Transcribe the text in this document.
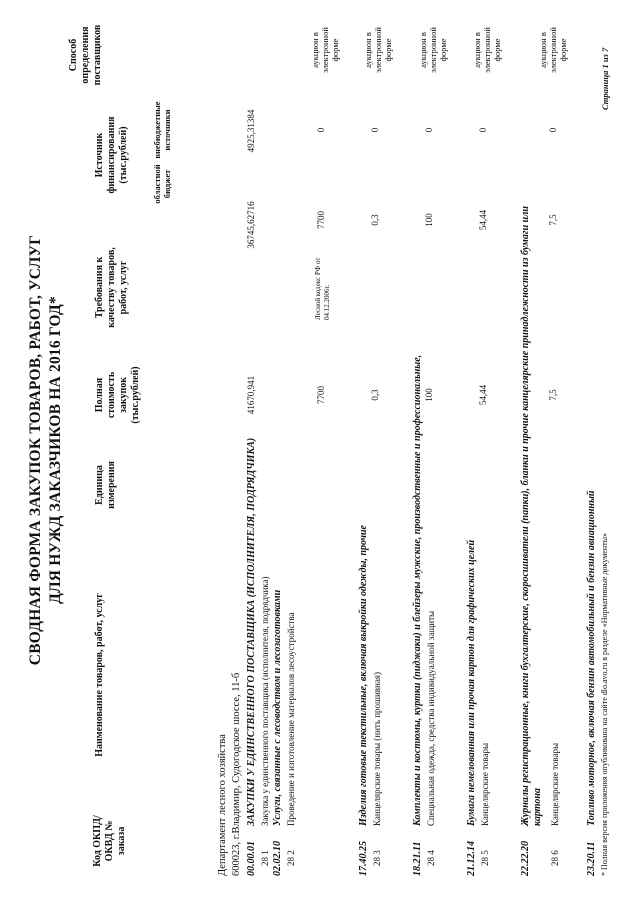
СВОДНАЯ ФОРМА ЗАКУПОК ТОВАРОВ, РАБОТ, УСЛУГ ДЛЯ НУЖД ЗАКАЗЧИКОВ НА 2016 ГОД*
Код ОКПД/ ОКВД № заказа
Наименование товаров, работ, услуг
Единица измерения
Полная стоимость закупок (тыс.рублей)
Требования к качеству товаров, работ, услуг
Источник финансирования (тыс.рублей)
областной бюджет
внебюджетные источники
Способ определения поставщиков
Департамент лесного хозяйства 600023, г.Владимир, Судогодское шоссе, 11-б 00.00.01ЗАКУПКИ У ЕДИНСТВЕННОГО ПОСТАВЩИКА (ИСПОЛНИТЕЛЯ, ПОДРЯДЧИКА)
41670,941
36745,62716
4925,31384
28 1
Закупка у единственного поставщика (исполнителя, подрядчика)
02.02.10Услуги, связанные с лесоводством и лесозаготовками
28 2
Проведение и изготовление материалов лесоустройства
7700
Лесной кодекс РФ от 04.12.2006г.
7700
0
аукцион в электронной форме
17.40.25Изделия готовые текстильные, включая выкройки одежды, прочие
28 3
Канцелярские товары (нить прошивная)
0,3
0,3
0
аукцион в электронной форме
18.21.11Комплекты и костюмы, куртки (пиджаки) и блейзеры мужские, производственные и профессиональные,
28 4
Специальная одежда, средства индивидуальной защиты
100
100
0
аукцион в электронной форме
21.12.14Бумага немелованная или прочая картон для графических целей
28 5
Канцелярские товары
54,44
54,44
0
аукцион в электронной форме
22.22.20Журналы регистрационные, книги бухгалтерские, скоросшиватели (папки), бланки и прочие канцелярские принадлежности из бумаги или картона
28 6
Канцелярские товары
7,5
7,5
0
аукцион в электронной форме
23.20.11Топливо моторное, включая бензин автомобильный и бензин авиационный * Полная версия приложения опубликована на сайте dlo.avo.ru в разделе «Нормативные документы»
Страница 1 из 7
